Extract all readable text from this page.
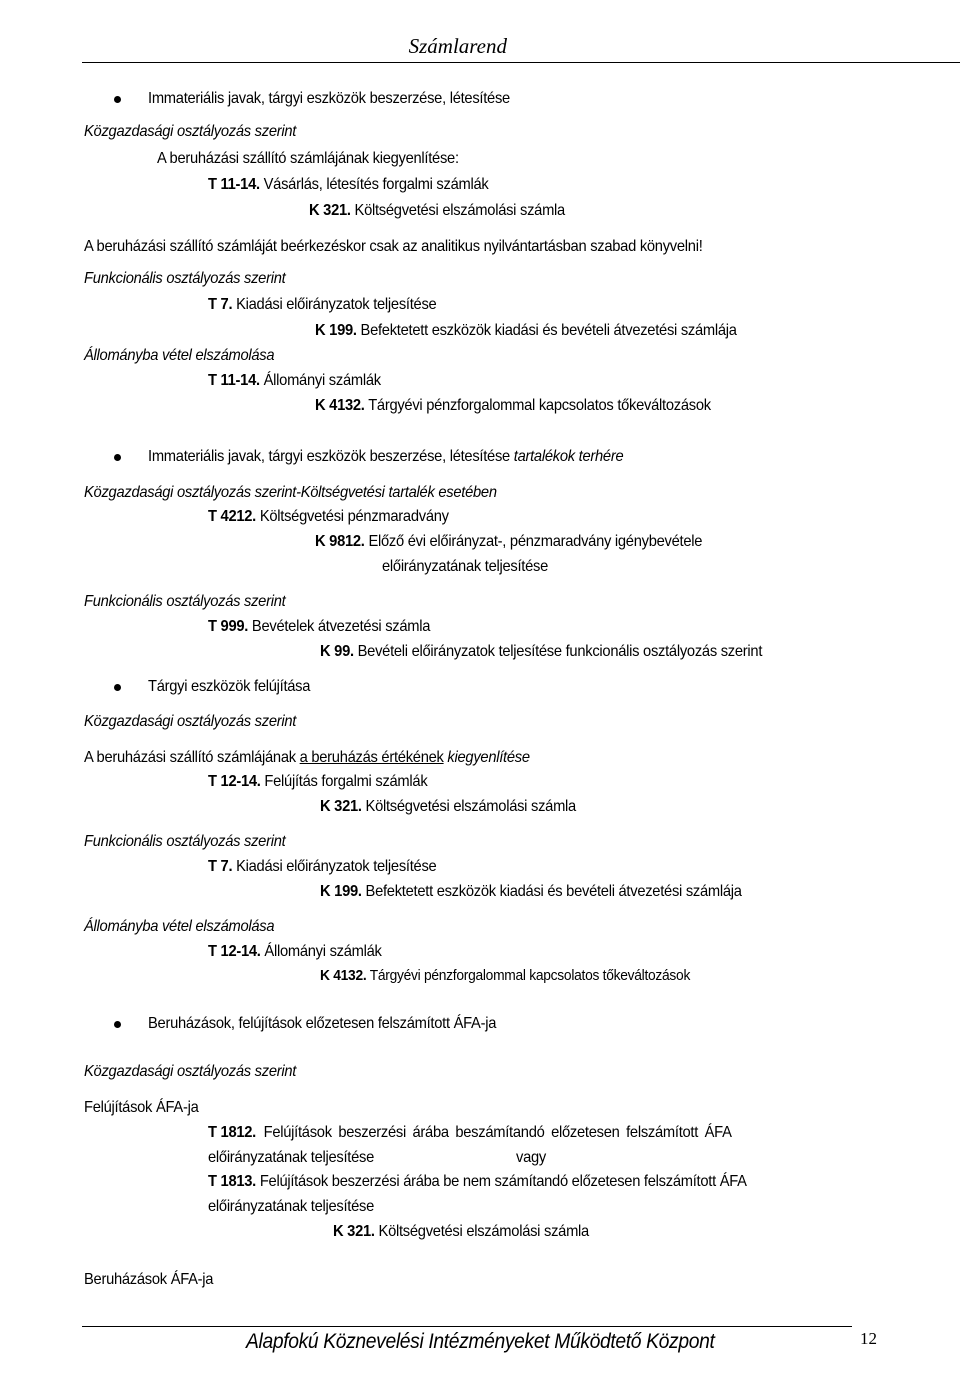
Számlarend
Immateriális javak, tárgyi eszközök beszerzése, létesítése
Közgazdasági osztályozás szerint
A beruházási szállító számlájának kiegyenlítése:
T 11-14. Vásárlás, létesítés forgalmi számlák
K 321. Költségvetési elszámolási számla
A beruházási szállító számláját beérkezéskor csak az analitikus nyilvántartásban szabad könyvelni!
Funkcionális osztályozás szerint
T 7. Kiadási előirányzatok teljesítése
K 199. Befektetett eszközök kiadási és bevételi átvezetési számlája
Állományba vétel elszámolása
T 11-14. Állományi számlák
K 4132. Tárgyévi pénzforgalommal kapcsolatos tőkeváltozások
Immateriális javak, tárgyi eszközök beszerzése, létesítése tartalékok terhére
Közgazdasági osztályozás szerint-Költségvetési tartalék esetében
T 4212. Költségvetési pénzmaradvány
K 9812. Előző évi előirányzat-, pénzmaradvány igénybevétele
előirányzatának teljesítése
Funkcionális osztályozás szerint
T 999. Bevételek átvezetési számla
K 99. Bevételi előirányzatok teljesítése funkcionális osztályozás szerint
Tárgyi eszközök felújítása
Közgazdasági osztályozás szerint
A beruházási szállító számlájának a beruházás értékének kiegyenlítése
T 12-14. Felújítás forgalmi számlák
K 321. Költségvetési elszámolási számla
Funkcionális osztályozás szerint
T 7. Kiadási előirányzatok teljesítése
K 199. Befektetett eszközök kiadási és bevételi átvezetési számlája
Állományba vétel elszámolása
T 12-14. Állományi számlák
K 4132. Tárgyévi pénzforgalommal kapcsolatos tőkeváltozások
Beruházások, felújítások előzetesen felszámított ÁFA-ja
Közgazdasági osztályozás szerint
Felújítások ÁFA-ja
T 1812. Felújítások beszerzési árába beszámítandó előzetesen felszámított ÁFA
előirányzatának teljesítése	vagy
T 1813. Felújítások beszerzési árába be nem számítandó előzetesen felszámított ÁFA
előirányzatának teljesítése
K 321. Költségvetési elszámolási számla
Beruházások ÁFA-ja
Alapfokú Köznevelési Intézményeket Működtető Központ	12
